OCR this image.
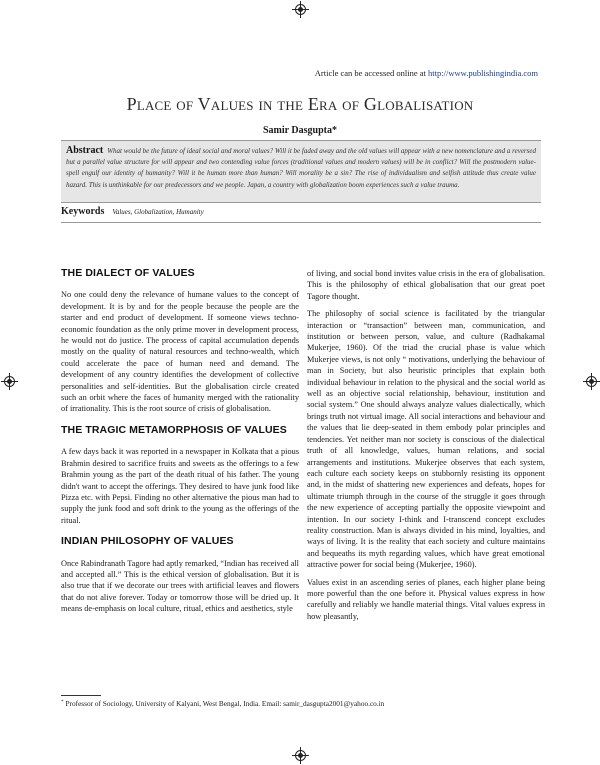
Article can be accessed online at http://www.publishingindia.com
Place of Values in the Era of Globalisation
Samir Dasgupta*
Abstract What would be the future of ideal social and moral values? Will it be faded away and the old values will appear with a new nomenclature and a reversed but a parallel value structure for will appear and two contending value forces (traditional values and modern values) will be in conflict? Will the postmodern value-spell engulf our identity of humanity? Will it be human more than human? Will morality be a sin? The rise of individualism and selfish attitude thus create value hazard. This is unthinkable for our predecessors and we people. Japan, a country with globalization boom experiences such a value trauma.
Keywords Values, Globalization, Humanity
THE DIALECT OF VALUES

No one could deny the relevance of humane values to the concept of development. It is by and for the people because the people are the starter and end product of development. If someone views techno-economic foundation as the only prime mover in development process, he would not do justice. The process of capital accumulation depends mostly on the quality of natural resources and techno-wealth, which could accelerate the pace of human need and demand. The development of any country identifies the development of collective personalities and self-identities. But the globalisation circle created such an orbit where the faces of humanity merged with the rationality of irrationality. This is the root source of crisis of globalisation.

THE TRAGIC METAMORPHOSIS OF VALUES

A few days back it was reported in a newspaper in Kolkata that a pious Brahmin desired to sacrifice fruits and sweets as the offerings to a few Brahmin young as the part of the death ritual of his father. The young didn't want to accept the offerings. They desired to have junk food like Pizza etc. with Pepsi. Finding no other alternative the pious man had to supply the junk food and soft drink to the young as the offerings of the ritual.

INDIAN PHILOSOPHY OF VALUES

Once Rabindranath Tagore had aptly remarked, “Indian has received all and accepted all.” This is the ethical version of globalisation. But it is also true that if we decorate our trees with artificial leaves and flowers that do not alive forever. Today or tomorrow those will be dried up. It means de-emphasis on local culture, ritual, ethics and aesthetics, style

of living, and social bond invites value crisis in the era of globalisation. This is the philosophy of ethical globalisation that our great poet Tagore thought.

The philosophy of social science is facilitated by the triangular interaction or “transaction” between man, communication, and institution or between person, value, and culture (Radhakamal Mukerjee, 1960). Of the triad the crucial phase is value which Mukerjee views, is not only “ motivations, underlying the behaviour of man in Society, but also heuristic principles that explain both individual behaviour in relation to the physical and the social world as well as an objective social relationship, behaviour, institution and social system.” One should always analyze values dialectically, which brings truth not virtual image. All social interactions and behaviour and the values that lie deep-seated in them embody polar principles and tendencies. Yet neither man nor society is conscious of the dialectical truth of all knowledge, values, human relations, and social arrangements and institutions. Mukerjee observes that each system, each culture each society keeps on stubbornly resisting its opponent and, in the midst of shattering new experiences and defeats, hopes for ultimate triumph through in the course of the struggle it goes through the new experience of accepting partially the opposite viewpoint and intention. In our society I-think and I-transcend concept excludes reality construction. Man is always divided in his mind, loyalties, and ways of living. It is the reality that each society and culture maintains and bequeaths its myth regarding values, which have great emotional attractive power for social being (Mukerjee, 1960).

Values exist in an ascending series of planes, each higher plane being more powerful than the one before it. Physical values express in how carefully and reliably we handle material things. Vital values express in how pleasantly,

* Professor of Sociology, University of Kalyani, West Bengal, India. Email: samir_dasgupta2001@yahoo.co.in
